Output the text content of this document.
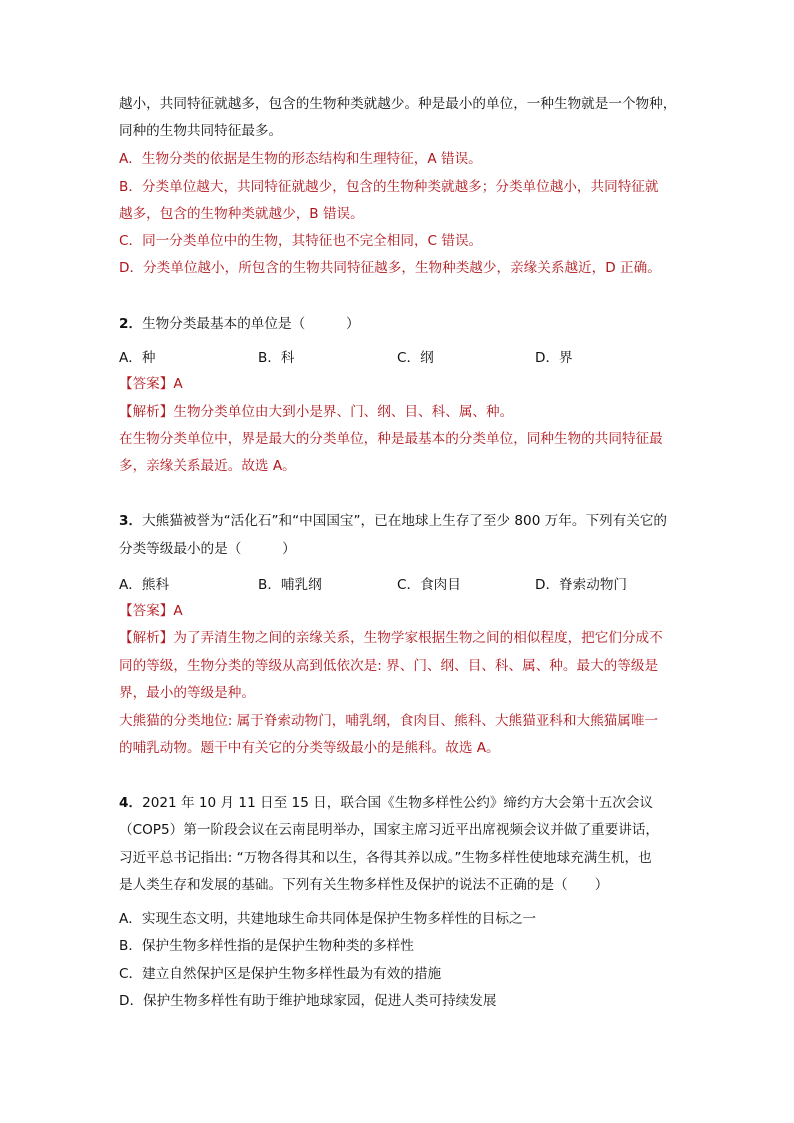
越小，共同特征就越多，包含的生物种类就越少。种是最小的单位，一种生物就是一个物种，
同种的生物共同特征最多。
A．生物分类的依据是生物的形态结构和生理特征，A 错误。
B．分类单位越大，共同特征就越少，包含的生物种类就越多；分类单位越小，共同特征就
越多，包含的生物种类就越少，B 错误。
C．同一分类单位中的生物，其特征也不完全相同，C 错误。
D．分类单位越小，所包含的生物共同特征越多，生物种类越少，亲缘关系越近，D 正确。
2．生物分类最基本的单位是（　　　）
A．种	B．科	C．纲	D．界
【答案】A
【解析】生物分类单位由大到小是界、门、纲、目、科、属、种。
在生物分类单位中，界是最大的分类单位，种是最基本的分类单位，同种生物的共同特征最
多，亲缘关系最近。故选 A。
3．大熊猫被誉为“活化石”和“中国国宝”，已在地球上生存了至少 800 万年。下列有关它的
分类等级最小的是（　　　）
A．熊科	B．哺乳纲	C．食肉目	D．脊索动物门
【答案】A
【解析】为了弄清生物之间的亲缘关系，生物学家根据生物之间的相似程度，把它们分成不
同的等级，生物分类的等级从高到低依次是: 界、门、纲、目、科、属、种。最大的等级是
界，最小的等级是种。
大熊猫的分类地位: 属于脊索动物门，哺乳纲，食肉目、熊科、大熊猫亚科和大熊猫属唯一
的哺乳动物。题干中有关它的分类等级最小的是熊科。故选 A。
4．2021 年 10 月 11 日至 15 日，联合国《生物多样性公约》缔约方大会第十五次会议
（COP5）第一阶段会议在云南昆明举办，国家主席习近平出席视频会议并做了重要讲话，
习近平总书记指出: “万物各得其和以生，各得其养以成。”生物多样性使地球充满生机，也
是人类生存和发展的基础。下列有关生物多样性及保护的说法不正确的是（　　）
A．实现生态文明，共建地球生命共同体是保护生物多样性的目标之一
B．保护生物多样性指的是保护生物种类的多样性
C．建立自然保护区是保护生物多样性最为有效的措施
D．保护生物多样性有助于维护地球家园，促进人类可持续发展
